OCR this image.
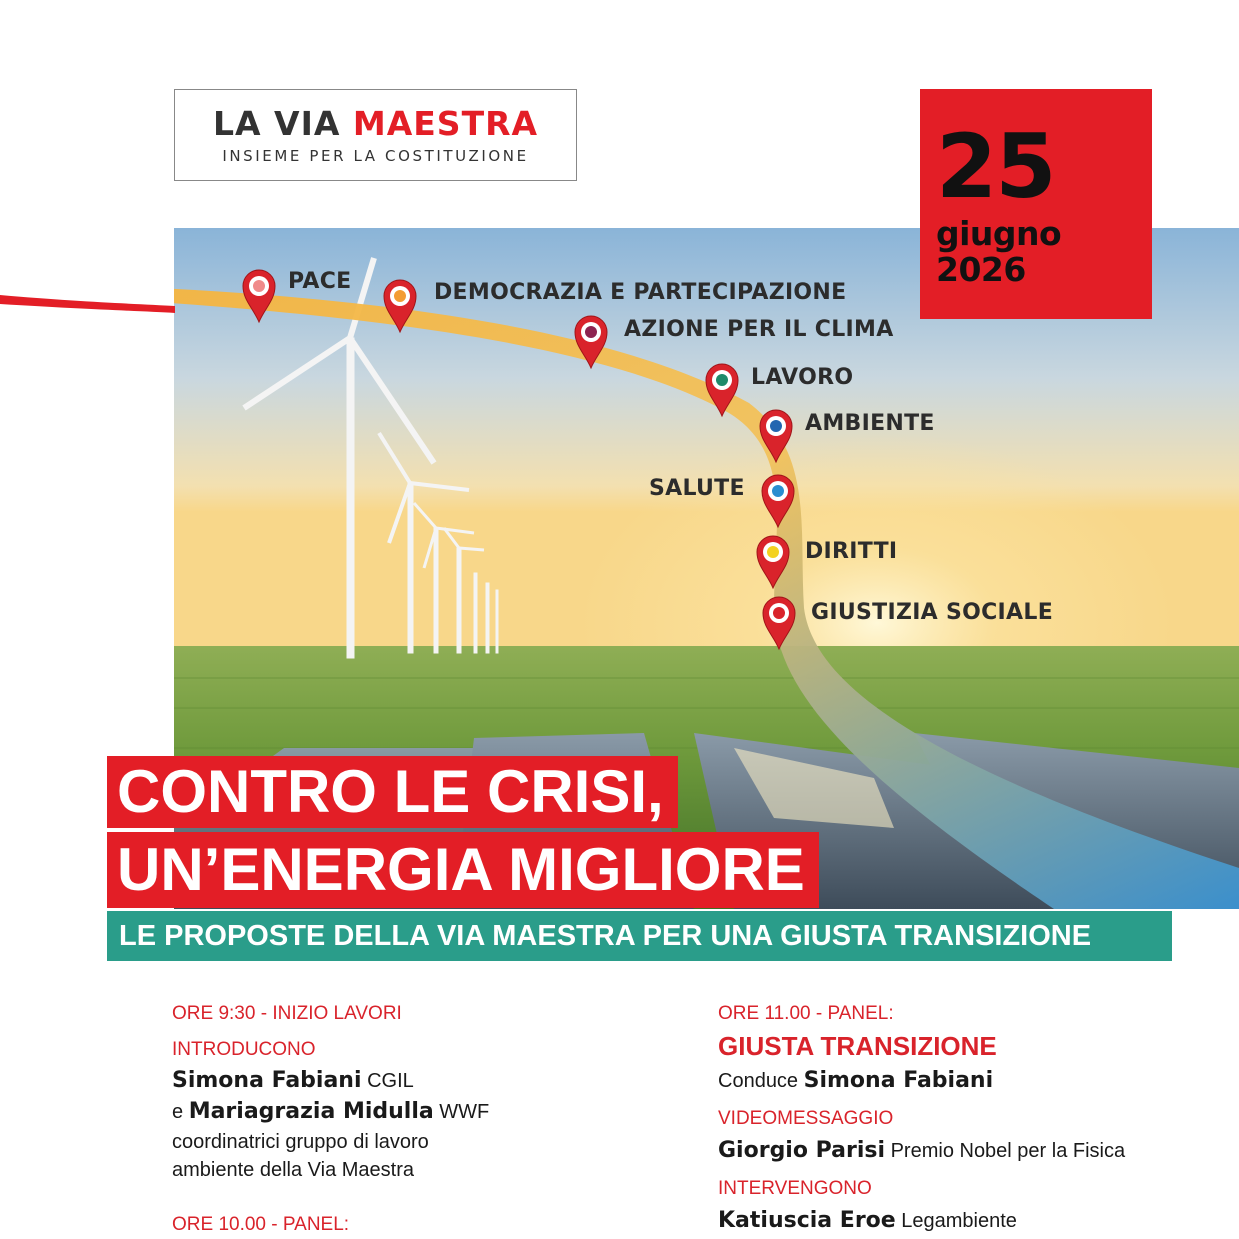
LA VIA MAESTRA
INSIEME PER LA COSTITUZIONE	25
giugno
2026
PACE	DEMOCRAZIA E PARTECIPAZIONE
AZIONE PER IL CLIMA
LAVORO
AMBIENTE
SALUTE
DIRITTI
GIUSTIZIA SOCIALE
CONTRO LE CRISI,
UN’ENERGIA MIGLIORE
LE PROPOSTE DELLA VIA MAESTRA PER UNA GIUSTA TRANSIZIONE
ORE 9:30 - INIZIO LAVORI
INTRODUCONO
Simona Fabiani CGIL
e Mariagrazia Midulla WWF
coordinatrici gruppo di lavoro
ambiente della Via Maestra
ORE 10.00 - PANEL:
ORE 11.00 - PANEL:
GIUSTA TRANSIZIONE
Conduce Simona Fabiani
VIDEOMESSAGGIO
Giorgio Parisi Premio Nobel per la Fisica
INTERVENGONO
Katiuscia Eroe Legambiente
